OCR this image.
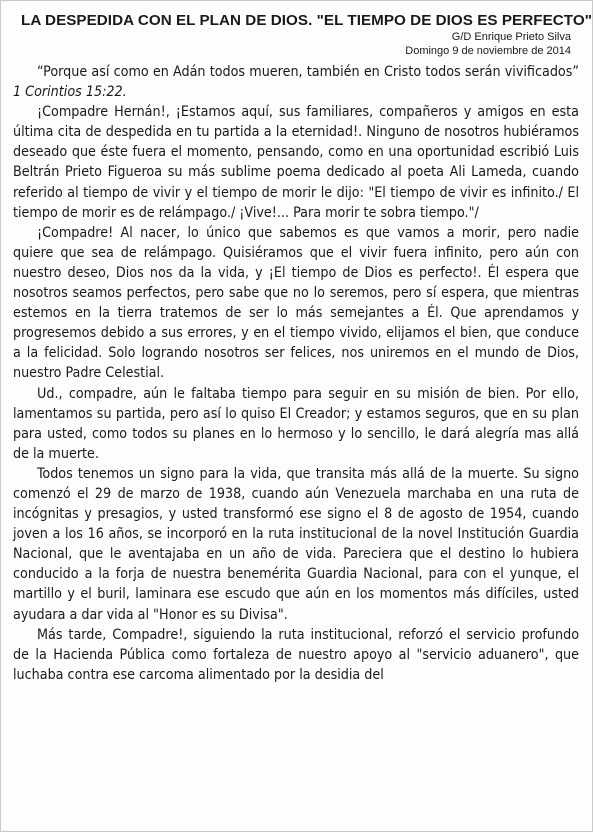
LA DESPEDIDA CON EL PLAN DE DIOS. "EL TIEMPO DE DIOS ES PERFECTO"
G/D Enrique Prieto Silva
Domingo 9 de noviembre de 2014

“Porque así como en Adán todos mueren, también en Cristo todos serán vivificados” 1 Corintios 15:22.

¡Compadre Hernán!, ¡Estamos aquí, sus familiares, compañeros y amigos en esta última cita de despedida en tu partida a la eternidad!. Ninguno de nosotros hubiéramos deseado que éste fuera el momento, pensando, como en una oportunidad escribió Luis Beltrán Prieto Figueroa su más sublime poema dedicado al poeta Ali Lameda, cuando referido al tiempo de vivir y el tiempo de morir le dijo: "El tiempo de vivir es infinito./ El tiempo de morir es de relámpago./ ¡Vive!... Para morir te sobra tiempo."/

¡Compadre! Al nacer, lo único que sabemos es que vamos a morir, pero nadie quiere que sea de relámpago. Quisiéramos que el vivir fuera infinito, pero aún con nuestro deseo, Dios nos da la vida, y ¡El tiempo de Dios es perfecto!. Él espera que nosotros seamos perfectos, pero sabe que no lo seremos, pero sí espera, que mientras estemos en la tierra tratemos de ser lo más semejantes a Él. Que aprendamos y progresemos debido a sus errores, y en el tiempo vivido, elijamos el bien, que conduce a la felicidad. Solo logrando nosotros ser felices, nos uniremos en el mundo de Dios, nuestro Padre Celestial.

Ud., compadre, aún le faltaba tiempo para seguir en su misión de bien. Por ello, lamentamos su partida, pero así lo quiso El Creador; y estamos seguros, que en su plan para usted, como todos su planes en lo hermoso y lo sencillo, le dará alegría mas allá de la muerte.

Todos tenemos un signo para la vida, que transita más allá de la muerte. Su signo comenzó el 29 de marzo de 1938, cuando aún Venezuela marchaba en una ruta de incógnitas y presagios, y usted transformó ese signo el 8 de agosto de 1954, cuando joven a los 16 años, se incorporó en la ruta institucional de la novel Institución Guardia Nacional, que le aventajaba en un año de vida. Pareciera que el destino lo hubiera conducido a la forja de nuestra benemérita Guardia Nacional, para con el yunque, el martillo y el buril, laminara ese escudo que aún en los momentos más difíciles, usted ayudara a dar vida al "Honor es su Divisa".

Más tarde, Compadre!, siguiendo la ruta institucional, reforzó el servicio profundo de la Hacienda Pública como fortaleza de nuestro apoyo al "servicio aduanero", que luchaba contra ese carcoma alimentado por la desidia del
